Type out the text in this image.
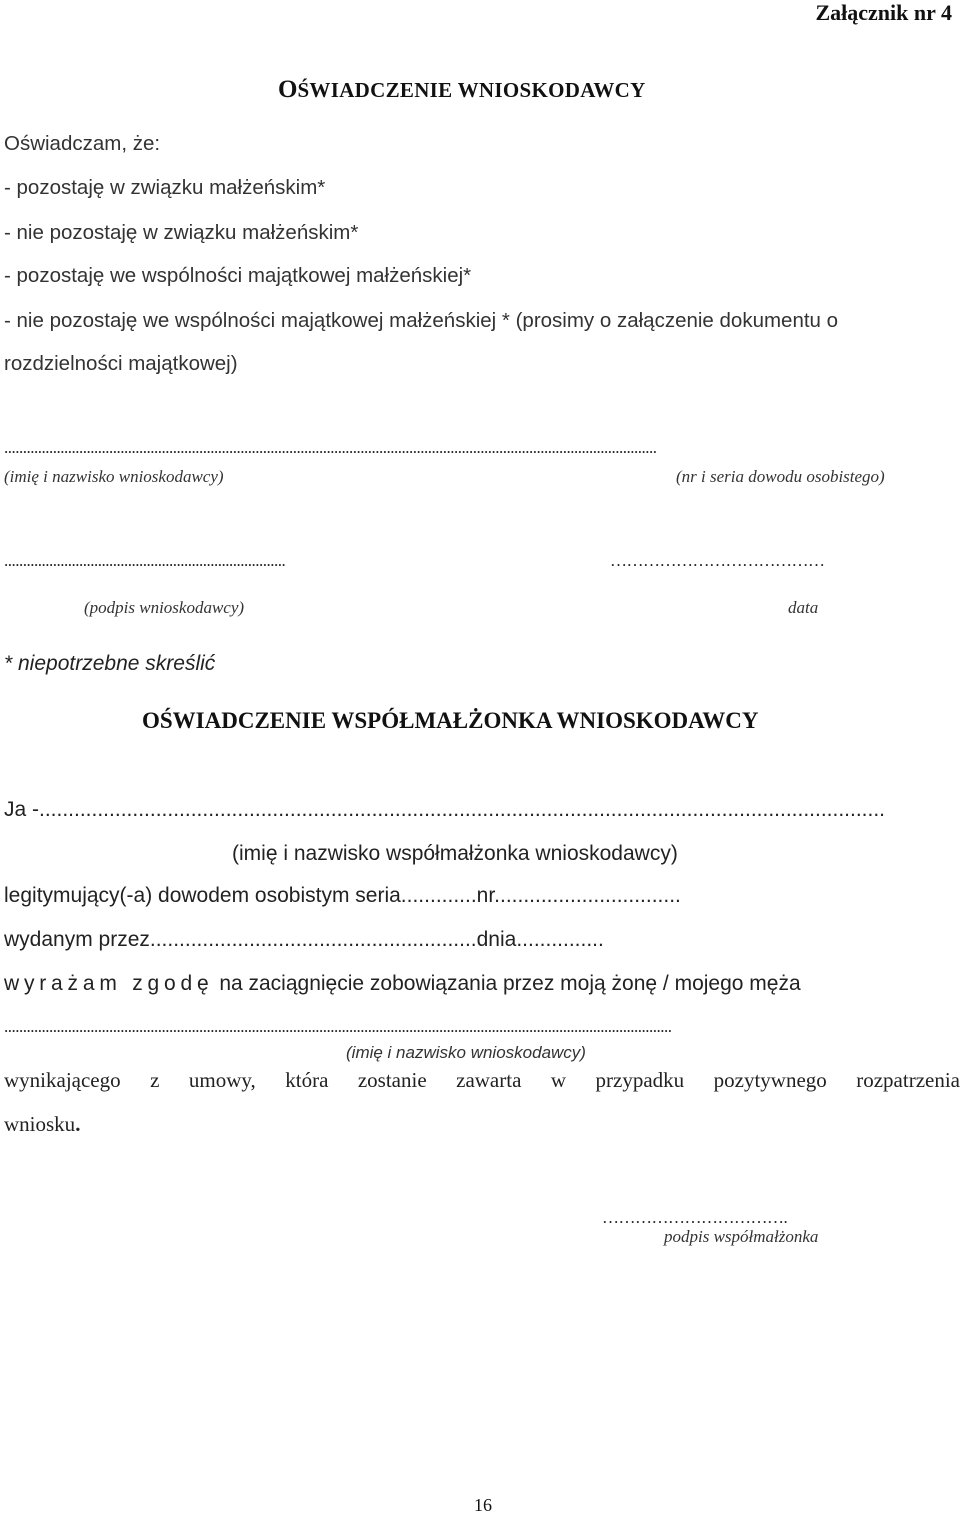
Załącznik nr 4
OŚWIADCZENIE WNIOSKODAWCY
Oświadczam, że:
- pozostaję w związku małżeńskim*
- nie pozostaję w związku małżeńskim*
- pozostaję we wspólności majątkowej małżeńskiej*
- nie pozostaję we wspólności majątkowej małżeńskiej * (prosimy o załączenie dokumentu o
rozdzielności majątkowej)
..............................................................................................................................................................................
(imię i nazwisko wnioskodawcy)	(nr i seria dowodu osobistego)
...........................................................................	…………………………………
(podpis wnioskodawcy)	data
* niepotrzebne skreślić
OŚWIADCZENIE WSPÓŁMAŁŻONKA WNIOSKODAWCY
Ja -.................................................................................................................................................
(imię i nazwisko współmałżonka wnioskodawcy)
legitymujący(-a) dowodem osobistym seria.............nr................................
wydanym przez........................................................dnia...............
wyrażam zgodę na zaciągnięcie zobowiązania przez moją żonę / mojego męża
..................................................................................................................................................................................
(imię i nazwisko wnioskodawcy)
wynikającego z umowy, która zostanie zawarta w przypadku pozytywnego rozpatrzenia
wniosku.
…………………………….
podpis współmałżonka
16
